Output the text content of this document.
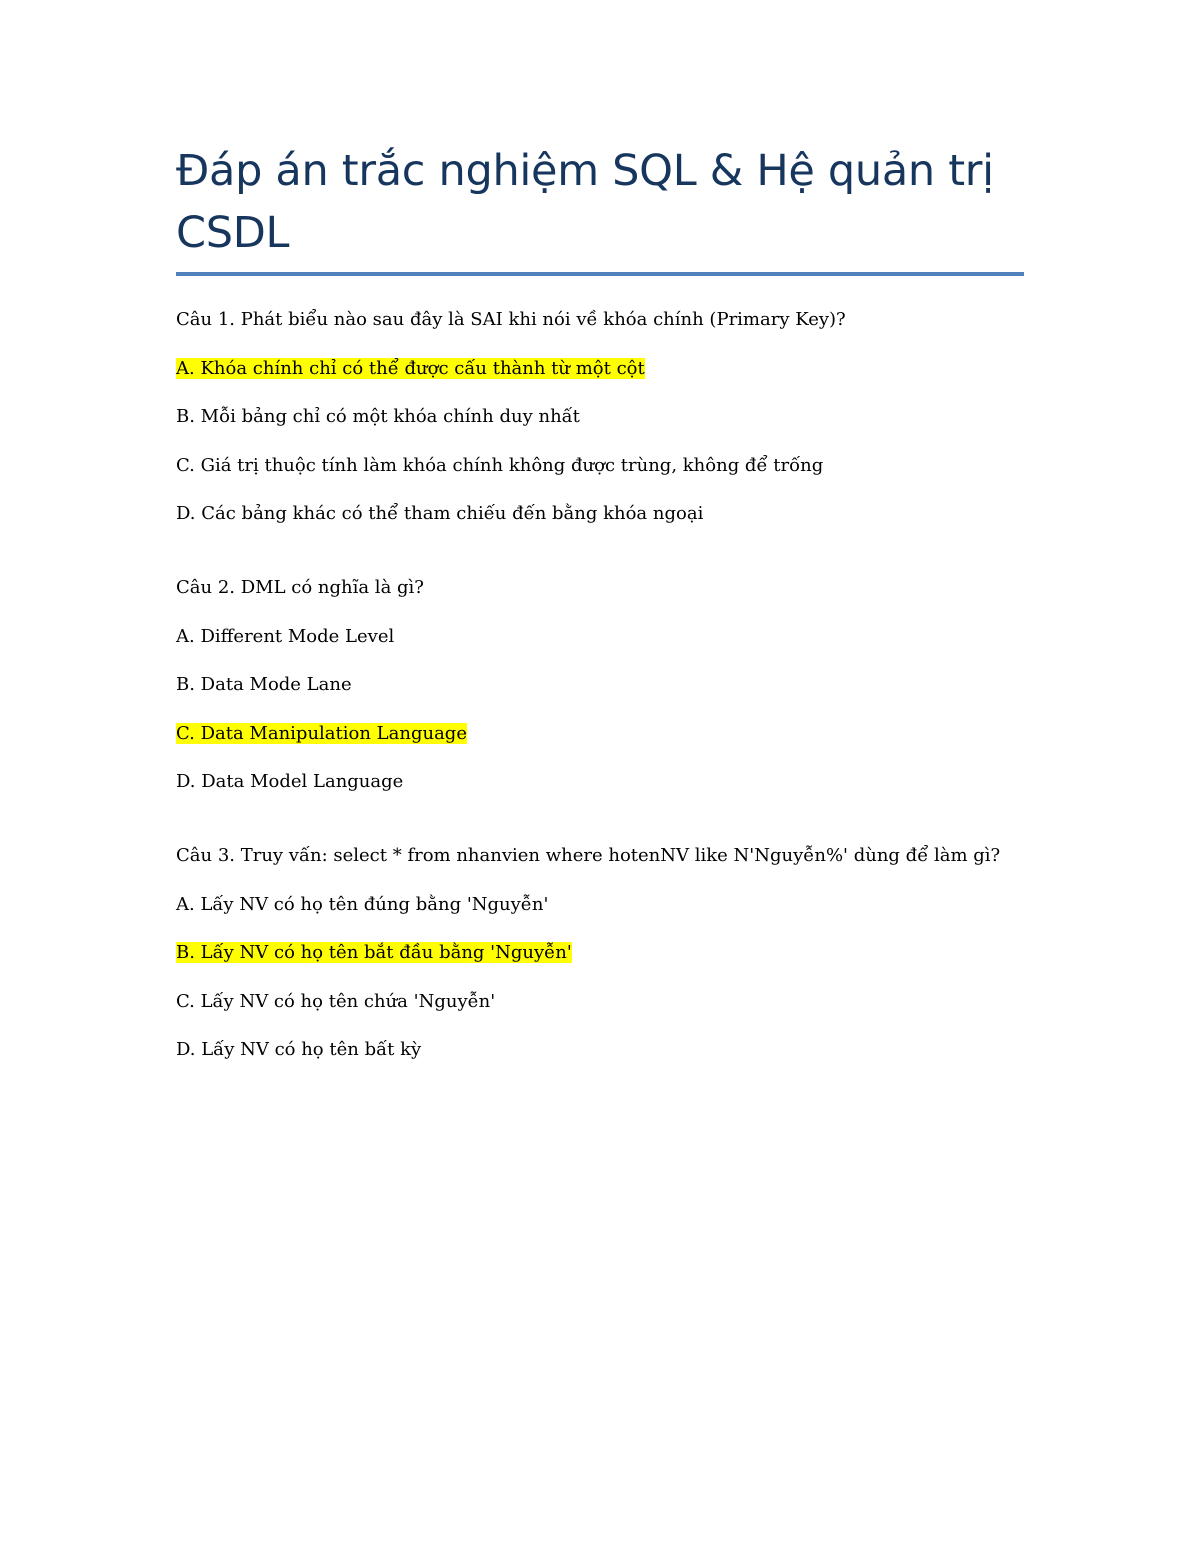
Đáp án trắc nghiệm SQL & Hệ quản trị
CSDL

Câu 1. Phát biểu nào sau đây là SAI khi nói về khóa chính (Primary Key)?

A. Khóa chính chỉ có thể được cấu thành từ một cột

B. Mỗi bảng chỉ có một khóa chính duy nhất

C. Giá trị thuộc tính làm khóa chính không được trùng, không để trống

D. Các bảng khác có thể tham chiếu đến bằng khóa ngoại

Câu 2. DML có nghĩa là gì?

A. Different Mode Level

B. Data Mode Lane

C. Data Manipulation Language

D. Data Model Language

Câu 3. Truy vấn: select * from nhanvien where hotenNV like N'Nguyễn%' dùng để làm gì?

A. Lấy NV có họ tên đúng bằng 'Nguyễn'

B. Lấy NV có họ tên bắt đầu bằng 'Nguyễn'

C. Lấy NV có họ tên chứa 'Nguyễn'

D. Lấy NV có họ tên bất kỳ
